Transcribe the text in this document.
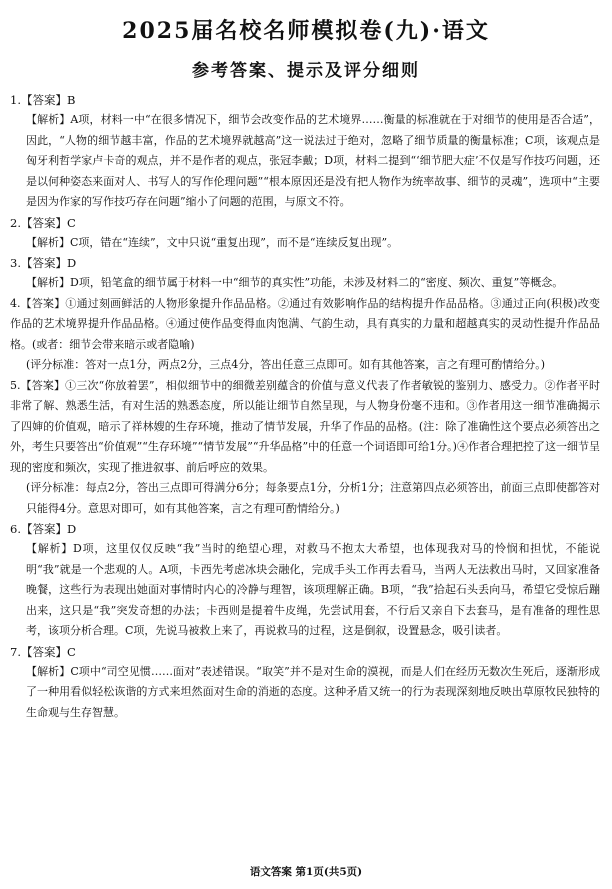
2025届名校名师模拟卷(九)·语文
参考答案、提示及评分细则
1.【答案】B
【解析】A项，材料一中“在很多情况下，细节会改变作品的艺术境界……衡量的标准就在于对细节的使用是否合适”，因此，“人物的细节越丰富，作品的艺术境界就越高”这一说法过于绝对，忽略了细节质量的衡量标准；C项，该观点是匈牙利哲学家卢卡奇的观点，并不是作者的观点，张冠李戴；D项，材料二提到“‘细节肥大症’不仅是写作技巧问题，还是以何种姿态来面对人、书写人的写作伦理问题”“根本原因还是没有把人物作为统率故事、细节的灵魂”，选项中“主要是因为作家的写作技巧存在问题”缩小了问题的范围，与原文不符。
2.【答案】C
【解析】C项，错在“连续”，文中只说“重复出现”，而不是“连续反复出现”。
3.【答案】D
【解析】D项，铅笔盒的细节属于材料一中“细节的真实性”功能，未涉及材料二的“密度、频次、重复”等概念。
4.【答案】①通过刻画鲜活的人物形象提升作品品格。②通过有效影响作品的结构提升作品品格。③通过正向(积极)改变作品的艺术境界提升作品品格。④通过使作品变得血肉饱满、气韵生动，具有真实的力量和超越真实的灵动性提升作品品格。(或者：细节会带来暗示或者隐喻)
(评分标准：答对一点1分，两点2分，三点4分，答出任意三点即可。如有其他答案，言之有理可酌情给分。)
5.【答案】①三次“你放着罢”，相似细节中的细微差别蕴含的价值与意义代表了作者敏锐的鉴别力、感受力。②作者平时非常了解、熟悉生活，有对生活的熟悉态度，所以能让细节自然呈现，与人物身份毫不违和。③作者用这一细节准确揭示了四婶的价值观，暗示了祥林嫂的生存环境，推动了情节发展，升华了作品的品格。(注：除了准确性这个要点必须答出之外，考生只要答出“价值观”“生存环境”“情节发展”“升华品格”中的任意一个词语即可给1分。)④作者合理把控了这一细节呈现的密度和频次，实现了推进叙事、前后呼应的效果。
(评分标准：每点2分，答出三点即可得满分6分；每条要点1分，分析1分；注意第四点必须答出，前面三点即使都答对只能得4分。意思对即可，如有其他答案，言之有理可酌情给分。)
6.【答案】D
【解析】D项，这里仅仅反映“我”当时的绝望心理，对救马不抱太大希望，也体现我对马的怜悯和担忧，不能说明“我”就是一个悲观的人。A项，卡西先考虑冰块会融化，完成手头工作再去看马，当两人无法救出马时，又回家准备晚餐，这些行为表现出她面对事情时内心的冷静与理智，该项理解正确。B项，“我”拾起石头丢向马，希望它受惊后蹦出来，这只是“我”突发奇想的办法；卡西则是提着牛皮绳，先尝试用套，不行后又亲自下去套马，是有准备的理性思考，该项分析合理。C项，先说马被救上来了，再说救马的过程，这是倒叙，设置悬念，吸引读者。
7.【答案】C
【解析】C项中“司空见惯……面对”表述错误。“取笑”并不是对生命的漠视，而是人们在经历无数次生死后，逐渐形成了一种用看似轻松诙谐的方式来坦然面对生命的消逝的态度。这种矛盾又统一的行为表现深刻地反映出草原牧民独特的生命观与生存智慧。
语文答案 第1页(共5页)
